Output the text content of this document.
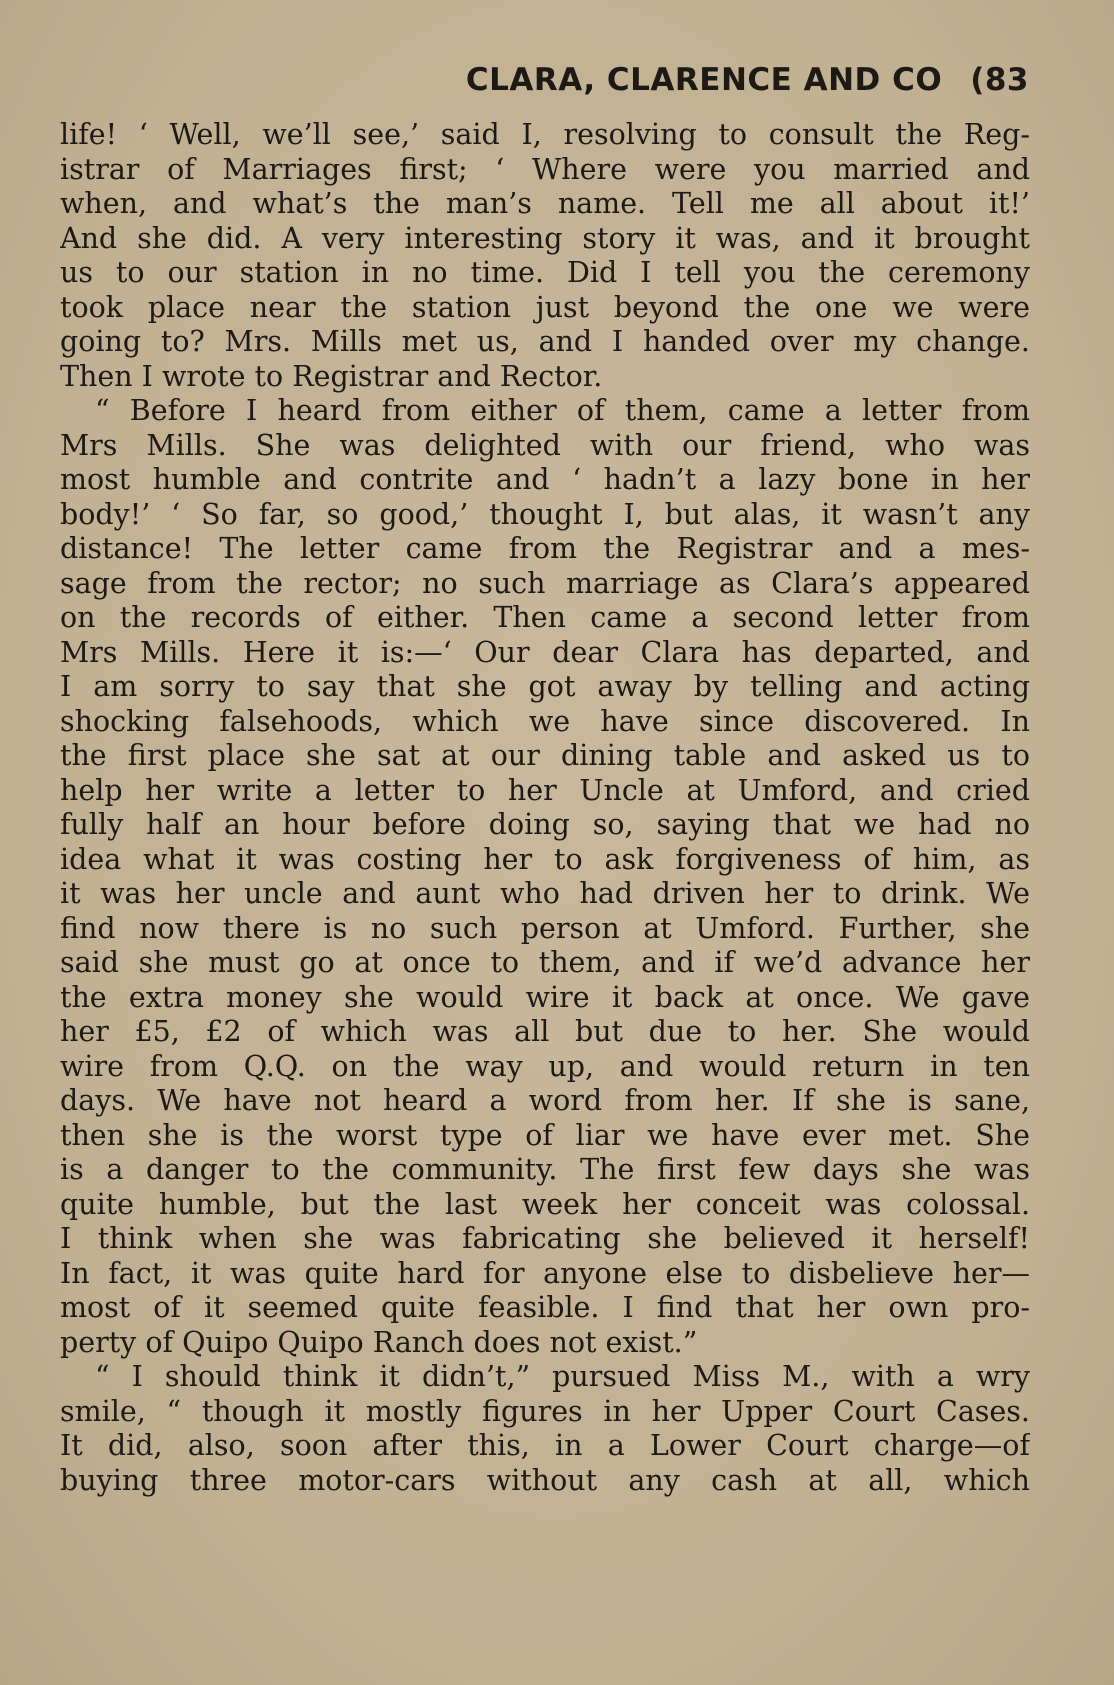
CLARA, CLARENCE AND CO (83
life! ‘ Well, we’ll see,’ said I, resolving to consult the Reg-
istrar of Marriages first; ‘ Where were you married and
when, and what’s the man’s name. Tell me all about it!’
And she did. A very interesting story it was, and it brought
us to our station in no time. Did I tell you the ceremony
took place near the station just beyond the one we were
going to? Mrs. Mills met us, and I handed over my change.
Then I wrote to Registrar and Rector.
“ Before I heard from either of them, came a letter from
Mrs Mills. She was delighted with our friend, who was
most humble and contrite and ‘ hadn’t a lazy bone in her
body!’ ‘ So far, so good,’ thought I, but alas, it wasn’t any
distance! The letter came from the Registrar and a mes-
sage from the rector; no such marriage as Clara’s appeared
on the records of either. Then came a second letter from
Mrs Mills. Here it is:—‘ Our dear Clara has departed, and
I am sorry to say that she got away by telling and acting
shocking falsehoods, which we have since discovered. In
the first place she sat at our dining table and asked us to
help her write a letter to her Uncle at Umford, and cried
fully half an hour before doing so, saying that we had no
idea what it was costing her to ask forgiveness of him, as
it was her uncle and aunt who had driven her to drink. We
find now there is no such person at Umford. Further, she
said she must go at once to them, and if we’d advance her
the extra money she would wire it back at once. We gave
her £5, £2 of which was all but due to her. She would
wire from Q.Q. on the way up, and would return in ten
days. We have not heard a word from her. If she is sane,
then she is the worst type of liar we have ever met. She
is a danger to the community. The first few days she was
quite humble, but the last week her conceit was colossal.
I think when she was fabricating she believed it herself!
In fact, it was quite hard for anyone else to disbelieve her—
most of it seemed quite feasible. I find that her own pro-
perty of Quipo Quipo Ranch does not exist.”
“ I should think it didn’t,” pursued Miss M., with a wry
smile, “ though it mostly figures in her Upper Court Cases.
It did, also, soon after this, in a Lower Court charge—of
buying three motor-cars without any cash at all, which
